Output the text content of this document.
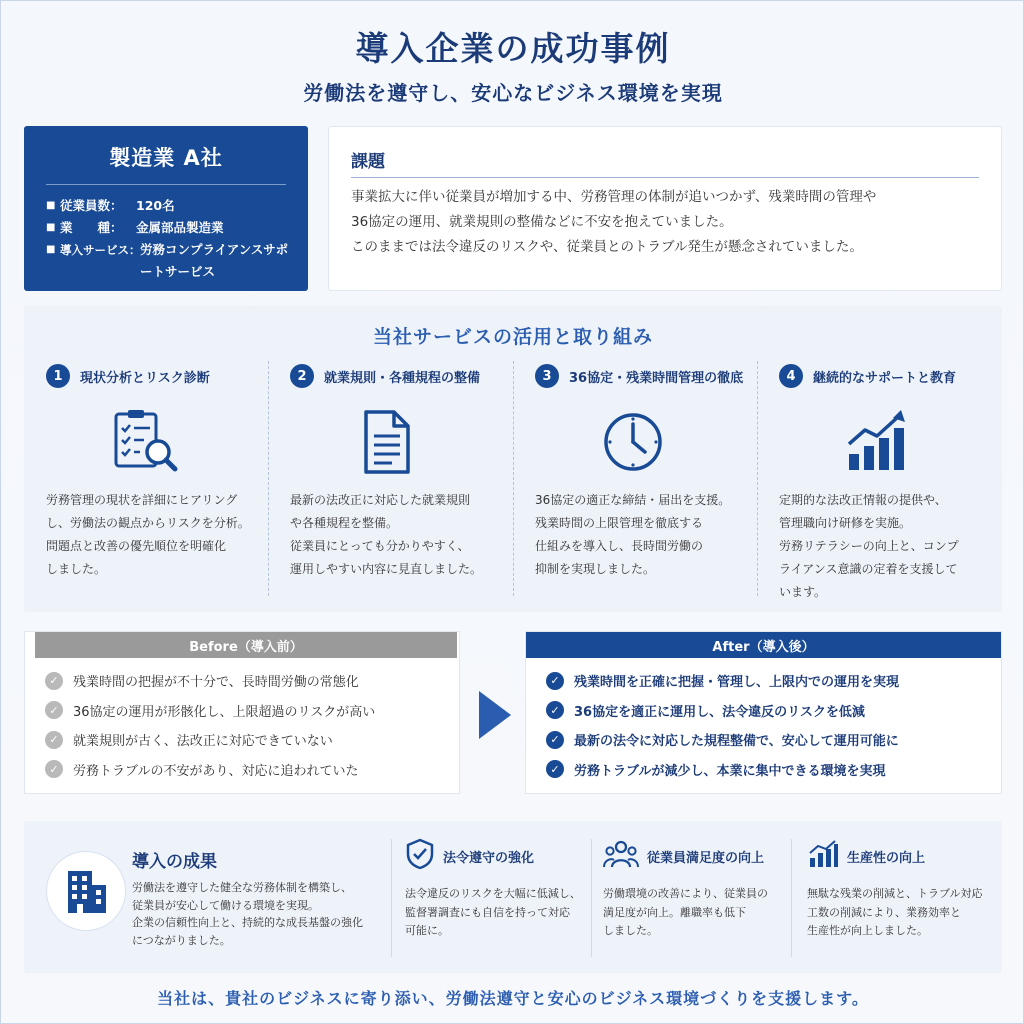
導入企業の成功事例
労働法を遵守し、安心なビジネス環境を実現
製造業 A社
■ 従業員数：	120名
■ 業　　種：	金属部品製造業
■ 導入サービス： 労務コンプライアンスサポートサービス
課題
事業拡大に伴い従業員が増加する中、労務管理の体制が追いつかず、残業時間の管理や
36協定の運用、就業規則の整備などに不安を抱えていました。
このままでは法令違反のリスクや、従業員とのトラブル発生が懸念されていました。
当社サービスの活用と取り組み
1	現状分析とリスク診断
労務管理の現状を詳細にヒアリング
し、労働法の観点からリスクを分析。
問題点と改善の優先順位を明確化
しました。
2	就業規則・各種規程の整備
最新の法改正に対応した就業規則
や各種規程を整備。
従業員にとっても分かりやすく、
運用しやすい内容に見直しました。
3	36協定・残業時間管理の徹底
36協定の適正な締結・届出を支援。
残業時間の上限管理を徹底する
仕組みを導入し、長時間労働の
抑制を実現しました。
4	継続的なサポートと教育
定期的な法改正情報の提供や、
管理職向け研修を実施。
労務リテラシーの向上と、コンプ
ライアンス意識の定着を支援して
います。
Before（導入前）
✓	残業時間の把握が不十分で、長時間労働の常態化
✓	36協定の運用が形骸化し、上限超過のリスクが高い
✓	就業規則が古く、法改正に対応できていない
✓	労務トラブルの不安があり、対応に追われていた
After（導入後）
✓	残業時間を正確に把握・管理し、上限内での運用を実現
✓	36協定を適正に運用し、法令違反のリスクを低減
✓	最新の法令に対応した規程整備で、安心して運用可能に
✓	労務トラブルが減少し、本業に集中できる環境を実現
導入の成果
労働法を遵守した健全な労務体制を構築し、
従業員が安心して働ける環境を実現。
企業の信頼性向上と、持続的な成長基盤の強化
につながりました。
法令遵守の強化
法令違反のリスクを大幅に低減し、
監督署調査にも自信を持って対応
可能に。
従業員満足度の向上
労働環境の改善により、従業員の
満足度が向上。離職率も低下
しました。
生産性の向上
無駄な残業の削減と、トラブル対応
工数の削減により、業務効率と
生産性が向上しました。
当社は、貴社のビジネスに寄り添い、労働法遵守と安心のビジネス環境づくりを支援します。
